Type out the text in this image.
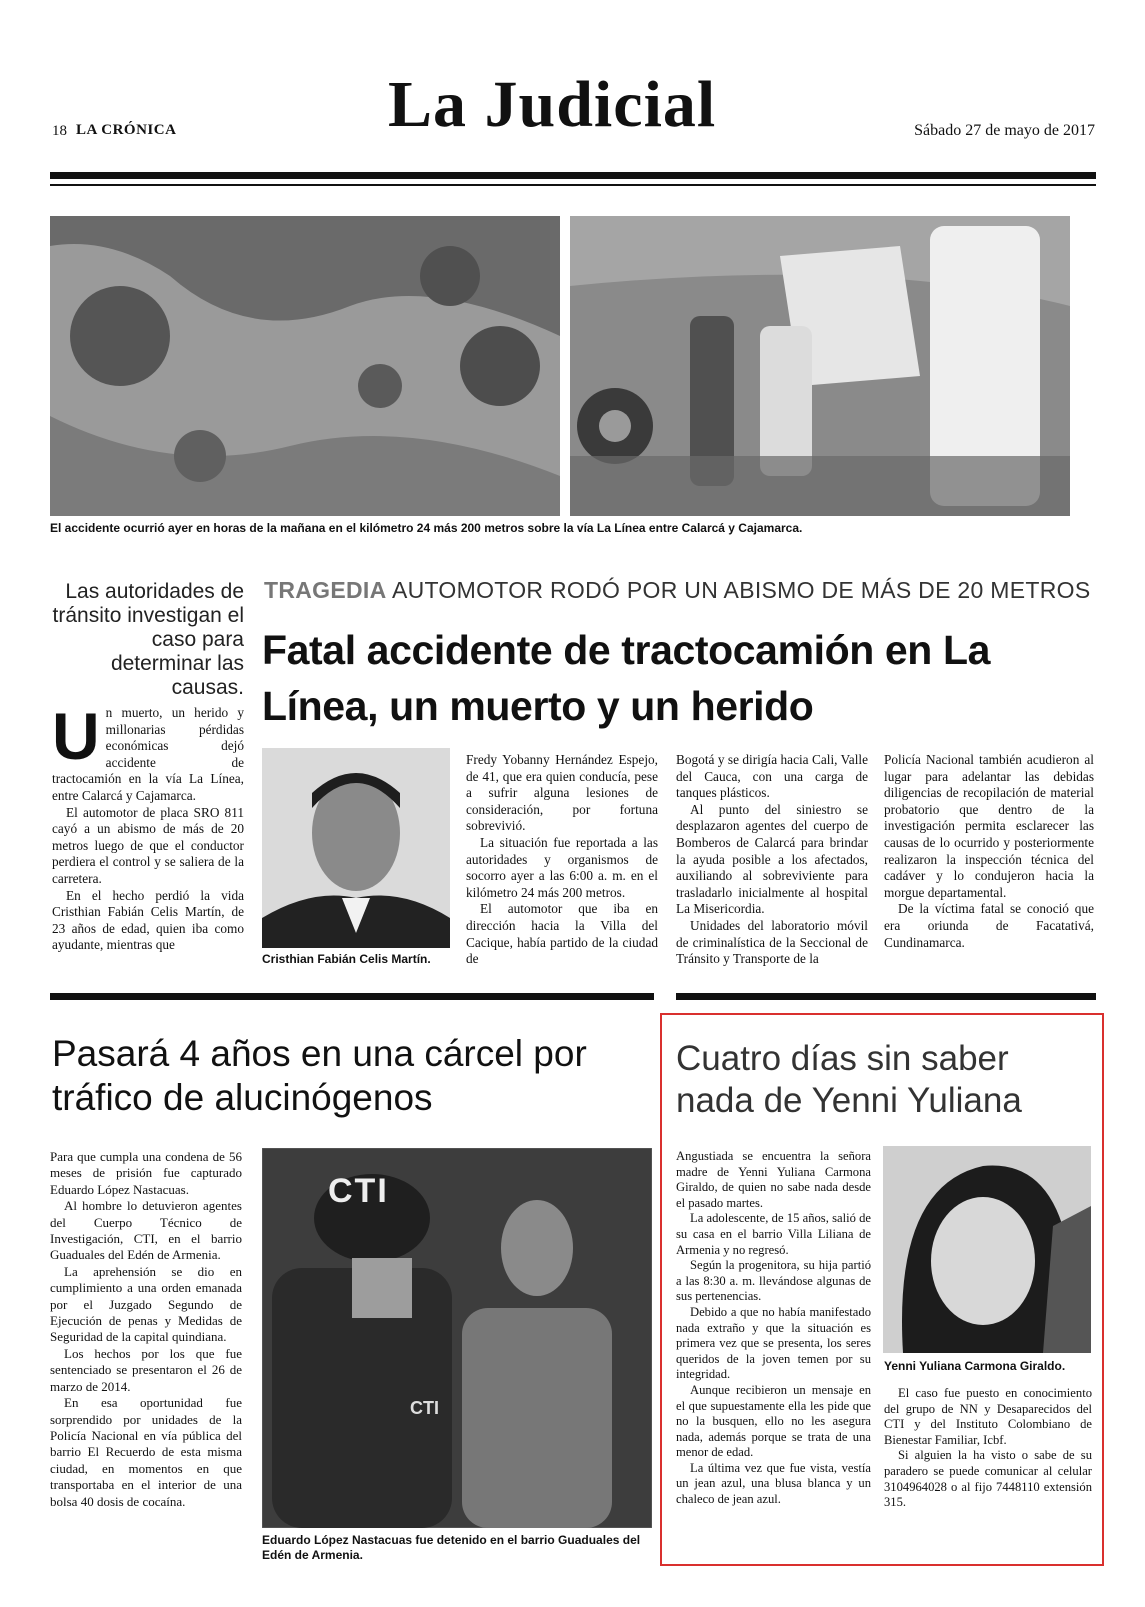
18 LA CRÓNICA	La Judicial	Sábado 27 de mayo de 2017
El accidente ocurrió ayer en horas de la mañana en el kilómetro 24 más 200 metros sobre la vía La Línea entre Calarcá y Cajamarca.
Las autoridades de tránsito investigan el caso para determinar las causas.
TRAGEDIA AUTOMOTOR RODÓ POR UN ABISMO DE MÁS DE 20 METROS
Fatal accidente de tractocamión en La Línea, un muerto y un herido

Un muerto, un herido y millonarias pérdidas económicas dejó accidente de tractocamión en la vía La Línea, entre Calarcá y Cajamarca.

El automotor de placa SRO 811 cayó a un abismo de más de 20 metros luego de que el conductor perdiera el control y se saliera de la carretera.

En el hecho perdió la vida Cristhian Fabián Celis Martín, de 23 años de edad, quien iba como ayudante, mientras que

Cristhian Fabián Celis Martín.

Fredy Yobanny Hernández Espejo, de 41, que era quien conducía, pese a sufrir alguna lesiones de consideración, por fortuna sobrevivió.

La situación fue reportada a las autoridades y organismos de socorro ayer a las 6:00 a. m. en el kilómetro 24 más 200 metros.

El automotor que iba en dirección hacia la Villa del Cacique, había partido de la ciudad de

Bogotá y se dirigía hacia Cali, Valle del Cauca, con una carga de tanques plásticos.

Al punto del siniestro se desplazaron agentes del cuerpo de Bomberos de Calarcá para brindar la ayuda posible a los afectados, auxiliando al sobreviviente para trasladarlo inicialmente al hospital La Misericordia.

Unidades del laboratorio móvil de criminalística de la Seccional de Tránsito y Transporte de la

Policía Nacional también acudieron al lugar para adelantar las debidas diligencias de recopilación de material probatorio que dentro de la investigación permita esclarecer las causas de lo ocurrido y posteriormente realizaron la inspección técnica del cadáver y lo condujeron hacia la morgue departamental.

De la víctima fatal se conoció que era oriunda de Facatativá, Cundinamarca.

Pasará 4 años en una cárcel por tráfico de alucinógenos

Para que cumpla una condena de 56 meses de prisión fue capturado Eduardo López Nastacuas.

Al hombre lo detuvieron agentes del Cuerpo Técnico de Investigación, CTI, en el barrio Guaduales del Edén de Armenia.

La aprehensión se dio en cumplimiento a una orden emanada por el Juzgado Segundo de Ejecución de penas y Medidas de Seguridad de la capital quindiana.

Los hechos por los que fue sentenciado se presentaron el 26 de marzo de 2014.

En esa oportunidad fue sorprendido por unidades de la Policía Nacional en vía pública del barrio El Recuerdo de esta misma ciudad, en momentos en que transportaba en el interior de una bolsa 40 dosis de cocaína.

CTI
CTI
Eduardo López Nastacuas fue detenido en el barrio Guaduales del Edén de Armenia.
Cuatro días sin saber nada de Yenni Yuliana

Angustiada se encuentra la señora madre de Yenni Yuliana Carmona Giraldo, de quien no sabe nada desde el pasado martes.

La adolescente, de 15 años, salió de su casa en el barrio Villa Liliana de Armenia y no regresó.

Según la progenitora, su hija partió a las 8:30 a. m. llevándose algunas de sus pertenencias.

Debido a que no había manifestado nada extraño y que la situación es primera vez que se presenta, los seres queridos de la joven temen por su integridad.

Aunque recibieron un mensaje en el que supuestamente ella les pide que no la busquen, ello no les asegura nada, además porque se trata de una menor de edad.

La última vez que fue vista, vestía un jean azul, una blusa blanca y un chaleco de jean azul.

Yenni Yuliana Carmona Giraldo.

El caso fue puesto en conocimiento del grupo de NN y Desaparecidos del CTI y del Instituto Colombiano de Bienestar Familiar, Icbf.

Si alguien la ha visto o sabe de su paradero se puede comunicar al celular 3104964028 o al fijo 7448110 extensión 315.
